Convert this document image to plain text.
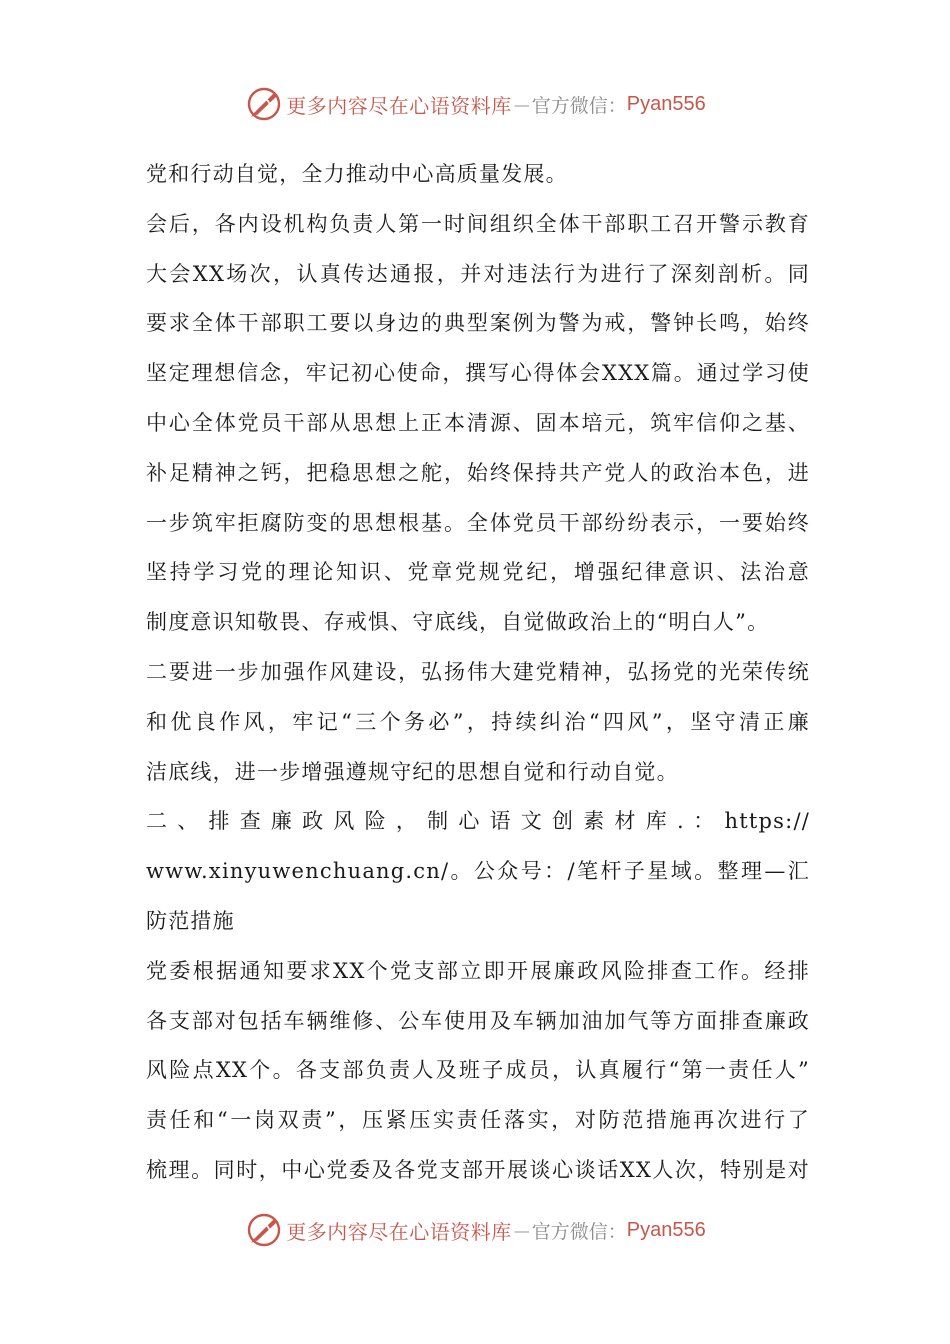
更多内容尽在心语资料库 — 官方微信： Pyan556
党和行动自觉，全力推动中心高质量发展。
会后，各内设机构负责人第一时间组织全体干部职工召开警示教育
大会XX场次，认真传达通报，并对违法行为进行了深刻剖析。同
要求全体干部职工要以身边的典型案例为警为戒，警钟长鸣，始终
坚定理想信念，牢记初心使命，撰写心得体会XXX篇。通过学习使
中心全体党员干部从思想上正本清源、固本培元，筑牢信仰之基、
补足精神之钙，把稳思想之舵，始终保持共产党人的政治本色，进
一步筑牢拒腐防变的思想根基。全体党员干部纷纷表示，一要始终
坚持学习党的理论知识、党章党规党纪，增强纪律意识、法治意
制度意识知敬畏、存戒惧、守底线，自觉做政治上的“明白人”。
二要进一步加强作风建设，弘扬伟大建党精神，弘扬党的光荣传统
和优良作风，牢记“三个务必”，持续纠治“四风”，坚守清正廉
洁底线，进一步增强遵规守纪的思想自觉和行动自觉。
二 、 排 查 廉 政 风 险 ， 制 心 语 文 创 素 材 库 . ： https://
www.xinyuwenchuang.cn/。公众号：/笔杆子星域。整理—汇
防范措施
党委根据通知要求XX个党支部立即开展廉政风险排查工作。经排
各支部对包括车辆维修、公车使用及车辆加油加气等方面排查廉政
风险点XX个。各支部负责人及班子成员，认真履行“第一责任人”
责任和“一岗双责”，压紧压实责任落实，对防范措施再次进行了
梳理。同时，中心党委及各党支部开展谈心谈话XX人次，特别是对
更多内容尽在心语资料库 — 官方微信： Pyan556
